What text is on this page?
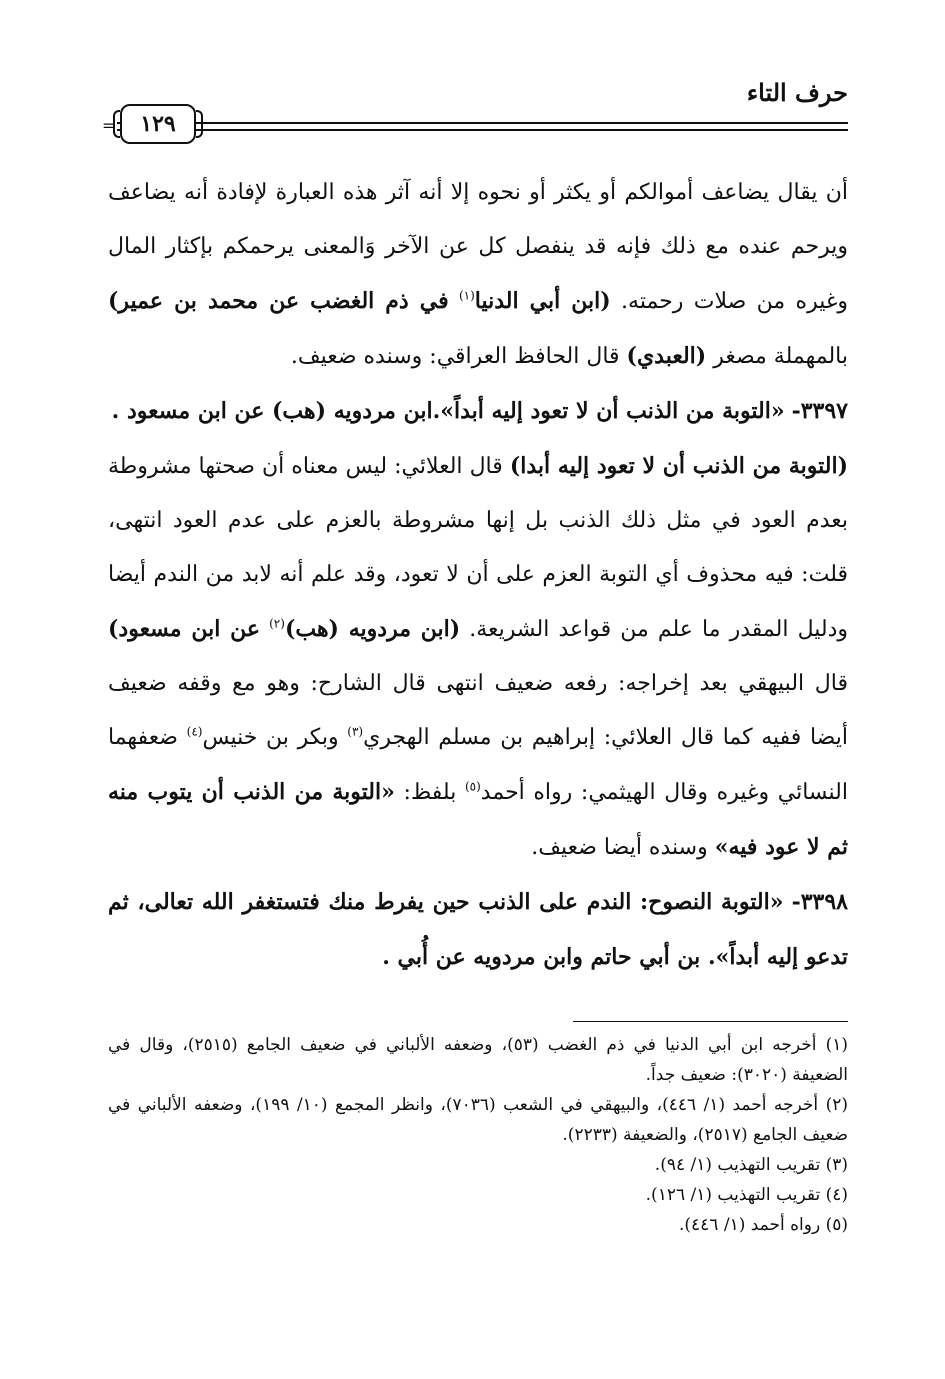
حرف التاء
= ١٢٩

أن يقال يضاعف أموالكم أو يكثر أو نحوه إلا أنه آثر هذه العبارة لإفادة أنه يضاعف ويرحم عنده مع ذلك فإنه قد ينفصل كل عن الآخر وَالمعنى يرحمكم بإكثار المال وغيره من صلات رحمته. (ابن أبي الدنيا$^{(١)}$ في ذم الغضب عن محمد بن عمير) بالمهملة مصغر (العبدي) قال الحافظ العراقي: وسنده ضعيف.

٣٣٩٧- «التوبة من الذنب أن لا تعود إليه أبداً».ابن مردويه (هب) عن ابن مسعود .

(التوبة من الذنب أن لا تعود إليه أبدا) قال العلائي: ليس معناه أن صحتها مشروطة بعدم العود في مثل ذلك الذنب بل إنها مشروطة بالعزم على عدم العود انتهى، قلت: فيه محذوف أي التوبة العزم على أن لا تعود، وقد علم أنه لابد من الندم أيضا ودليل المقدر ما علم من قواعد الشريعة. (ابن مردويه (هب)$^{(٢)}$ عن ابن مسعود) قال البيهقي بعد إخراجه: رفعه ضعيف انتهى قال الشارح: وهو مع وقفه ضعيف أيضا ففيه كما قال العلائي: إبراهيم بن مسلم الهجري$^{(٣)}$ وبكر بن خنيس$^{(٤)}$ ضعفهما النسائي وغيره وقال الهيثمي: رواه أحمد$^{(٥)}$ بلفظ: «التوبة من الذنب أن يتوب منه ثم لا عود فيه» وسنده أيضا ضعيف.

٣٣٩٨- «التوبة النصوح: الندم على الذنب حين يفرط منك فتستغفر الله تعالى، ثم تدعو إليه أبداً». بن أبي حاتم وابن مردويه عن أُبي .

(١) أخرجه ابن أبي الدنيا في ذم الغضب (٥٣)، وضعفه الألباني في ضعيف الجامع (٢٥١٥)، وقال في الضعيفة (٣٠٢٠): ضعيف جداً.

(٢) أخرجه أحمد (١/ ٤٤٦)، والبيهقي في الشعب (٧٠٣٦)، وانظر المجمع (١٠/ ١٩٩)، وضعفه الألباني في ضعيف الجامع (٢٥١٧)، والضعيفة (٢٢٣٣).

(٣) تقريب التهذيب (١/ ٩٤).

(٤) تقريب التهذيب (١/ ١٢٦).

(٥) رواه أحمد (١/ ٤٤٦).
